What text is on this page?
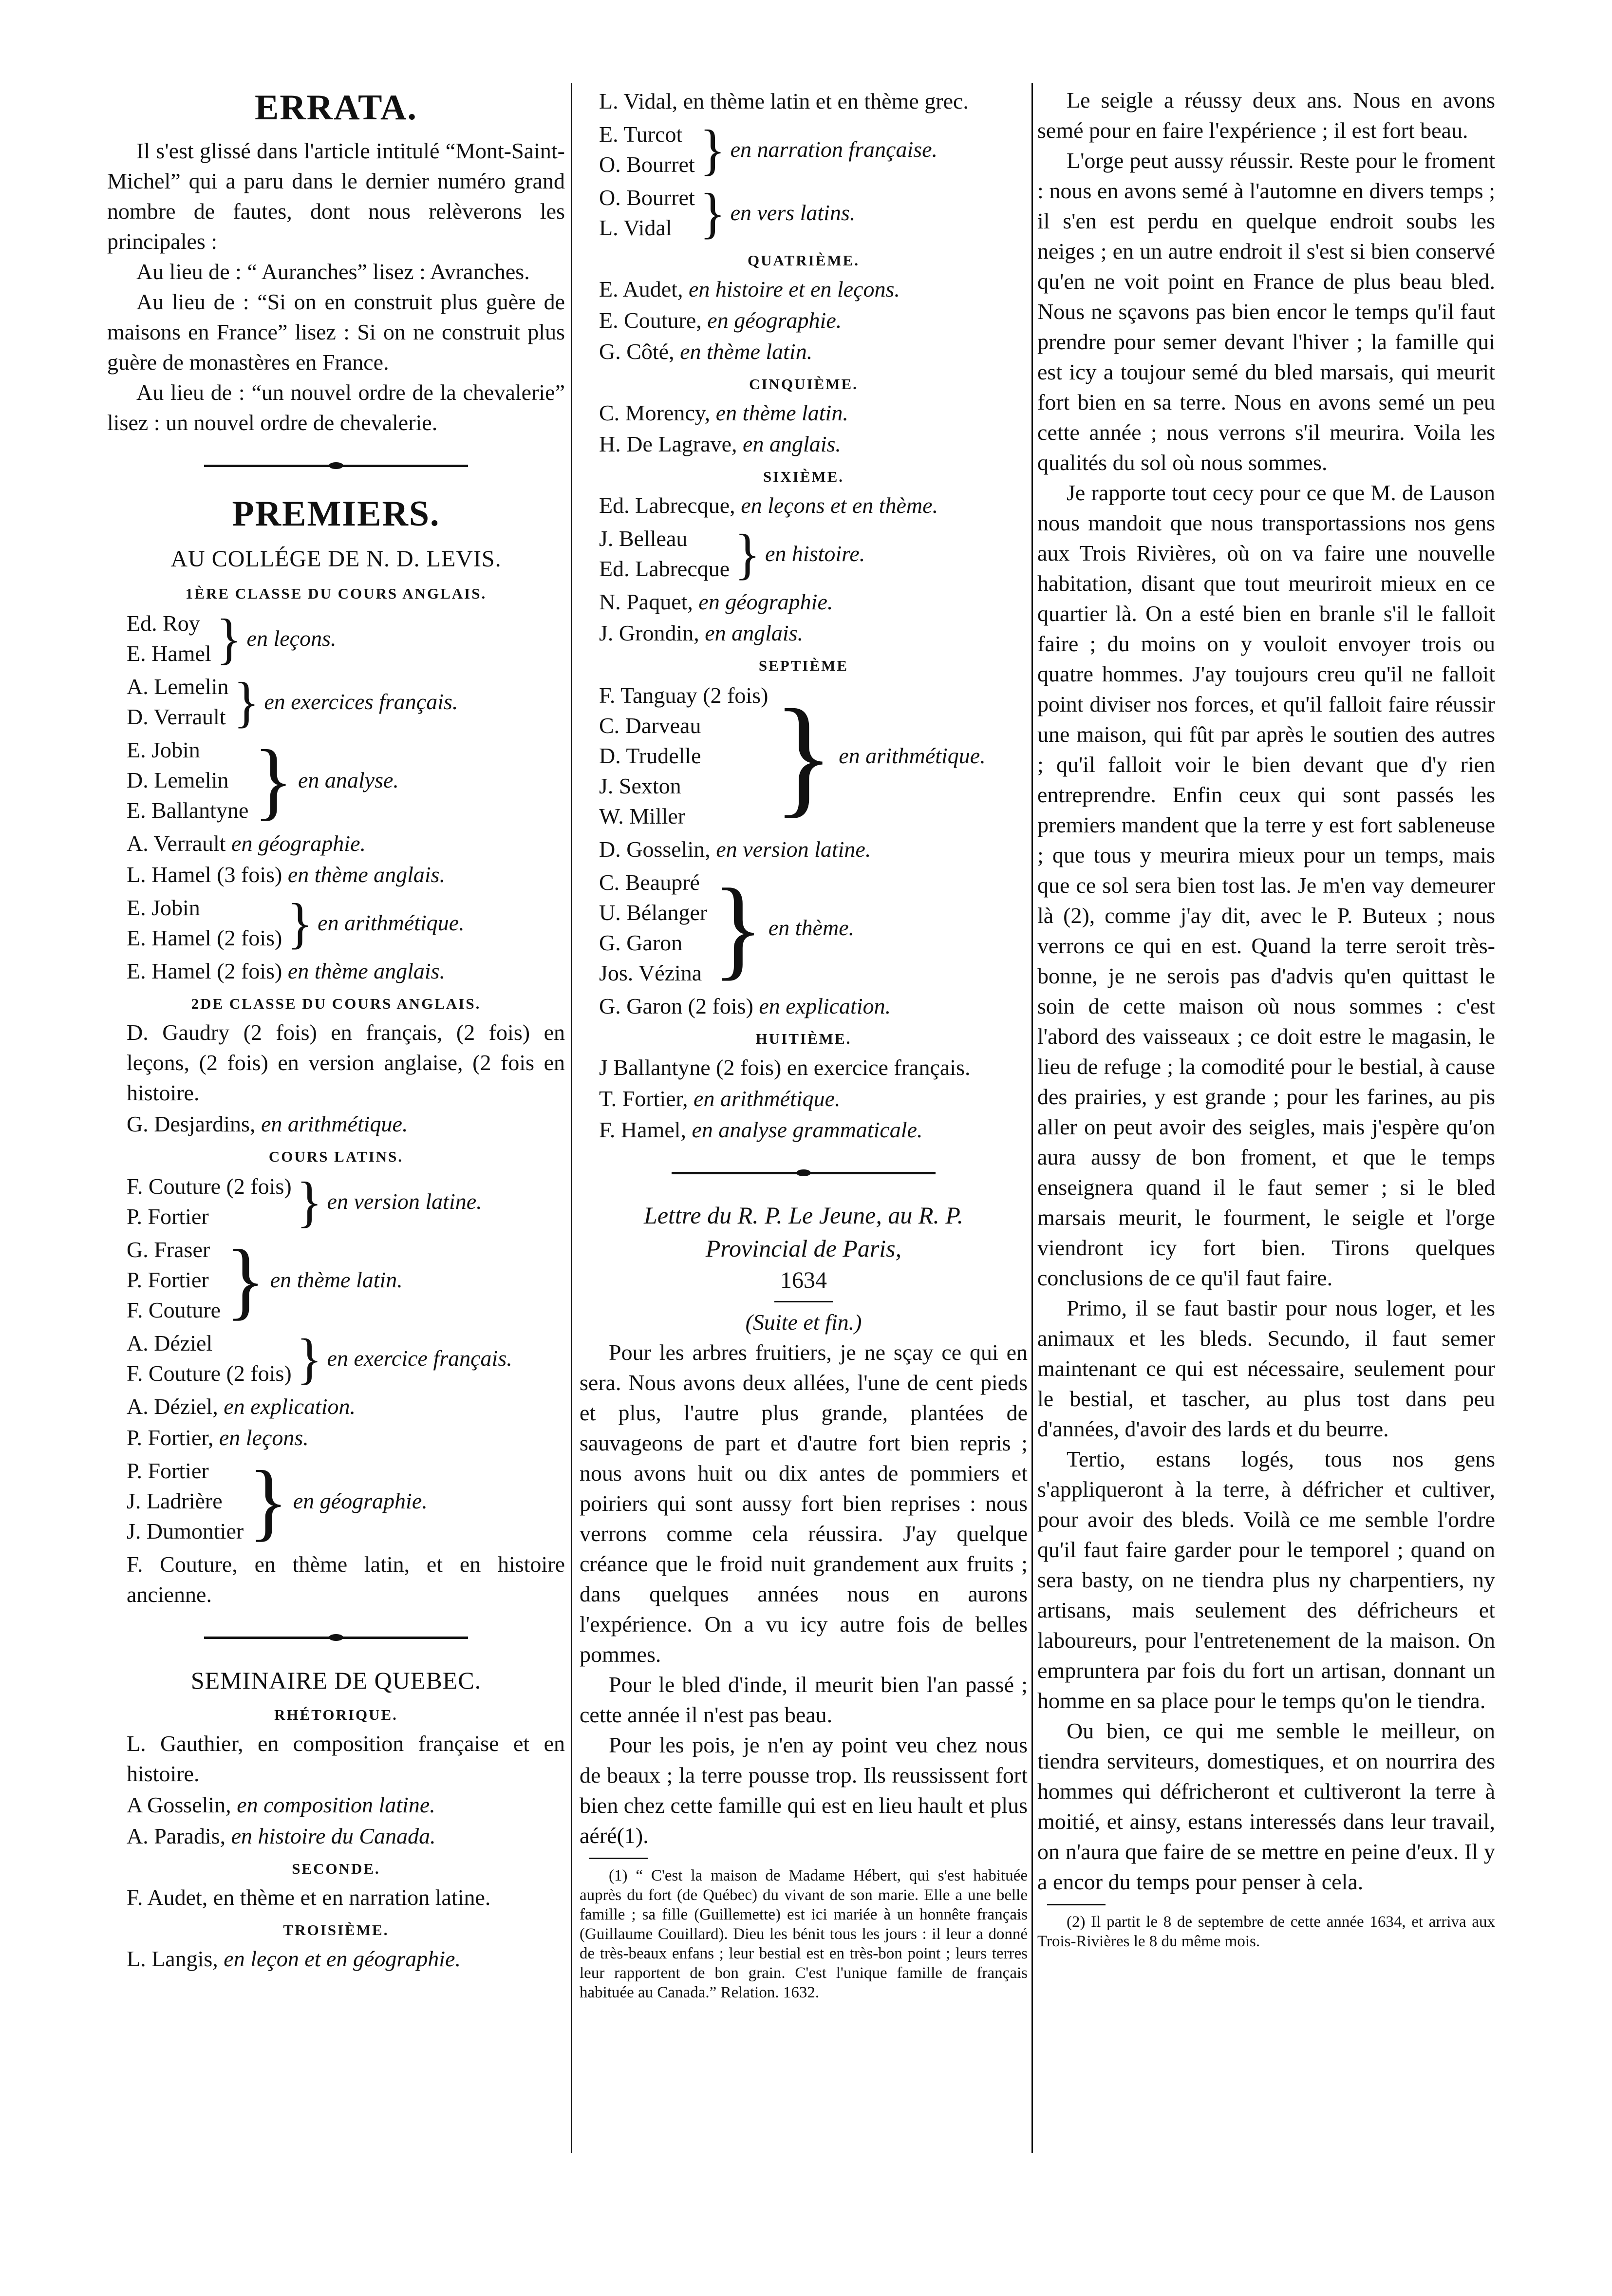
ERRATA.

Il s'est glissé dans l'article intitulé “Mont-Saint-Michel” qui a paru dans le dernier numéro grand nombre de fautes, dont nous relèverons les principales :

Au lieu de : “ Auranches” lisez : Avranches.

Au lieu de : “Si on en construit plus guère de maisons en France” lisez : Si on ne construit plus guère de monastères en France.

Au lieu de : “un nouvel ordre de la chevalerie” lisez : un nouvel ordre de chevalerie.

PREMIERS.
AU COLLÉGE DE N. D. LEVIS.
1ÈRE CLASSE DU COURS ANGLAIS.
Ed. Roy
E. Hamel } en leçons.
A. Lemelin
D. Verrault } en exercices français.
E. Jobin
D. Lemelin
E. Ballantyne } en analyse.
A. Verrault en géographie.
L. Hamel (3 fois) en thème anglais.
E. Jobin
E. Hamel (2 fois) } en arithmétique.
E. Hamel (2 fois) en thème anglais.
2DE CLASSE DU COURS ANGLAIS.

D. Gaudry (2 fois) en français, (2 fois) en leçons, (2 fois) en version anglaise, (2 fois en histoire.

G. Desjardins, en arithmétique.
COURS LATINS.
F. Couture (2 fois)
P. Fortier	} en version latine.
G. Fraser
P. Fortier
F. Couture } en thème latin.
A. Déziel
F. Couture (2 fois) } en exercice français.
A. Déziel, en explication.
P. Fortier, en leçons.
P. Fortier
J. Ladrière
J. Dumontier } en géographie.

F. Couture, en thème latin, et en histoire ancienne.

SEMINAIRE DE QUEBEC.
RHÉTORIQUE.

L. Gauthier, en composition française et en histoire.

A Gosselin, en composition latine.
A. Paradis, en histoire du Canada.
SECONDE.

F. Audet, en thème et en narration latine.

TROISIÈME.
L. Langis, en leçon et en géographie.

L. Vidal, en thème latin et en thème grec.

E. Turcot
O. Bourret } en narration française.
O. Bourret
L. Vidal } en vers latins.
QUATRIÈME.
E. Audet, en histoire et en leçons.
E. Couture, en géographie.
G. Côté, en thème latin.
CINQUIÈME.
C. Morency, en thème latin.
H. De Lagrave, en anglais.
SIXIÈME.
Ed. Labrecque, en leçons et en thème.
J. Belleau
Ed. Labrecque } en histoire.
N. Paquet, en géographie.
J. Grondin, en anglais.
SEPTIÈME
F. Tanguay (2 fois)
C. Darveau
D. Trudelle
J. Sexton
W. Miller } en arithmétique.
D. Gosselin, en version latine.
C. Beaupré
U. Bélanger
G. Garon
Jos. Vézina } en thème.
G. Garon (2 fois) en explication.
HUITIÈME.

J Ballantyne (2 fois) en exercice français.

T. Fortier, en arithmétique.
F. Hamel, en analyse grammaticale.
Lettre du R. P. Le Jeune, au R. P.
Provincial de Paris,
1634
(Suite et fin.)

Pour les arbres fruitiers, je ne sçay ce qui en sera. Nous avons deux allées, l'une de cent pieds et plus, l'autre plus grande, plantées de sauvageons de part et d'autre fort bien repris ; nous avons huit ou dix antes de pommiers et poiriers qui sont aussy fort bien reprises : nous verrons comme cela réussira. J'ay quelque créance que le froid nuit grandement aux fruits ; dans quelques années nous en aurons l'expérience. On a vu icy autre fois de belles pommes.

Pour le bled d'inde, il meurit bien l'an passé ; cette année il n'est pas beau.

Pour les pois, je n'en ay point veu chez nous de beaux ; la terre pousse trop. Ils reussissent fort bien chez cette famille qui est en lieu hault et plus aéré(1).

(1) “ C'est la maison de Madame Hébert, qui s'est habituée auprès du fort (de Québec) du vivant de son marie. Elle a une belle famille ; sa fille (Guillemette) est ici mariée à un honnête français (Guillaume Couillard). Dieu les bénit tous les jours : il leur a donné de très-beaux enfans ; leur bestial est en très-bon point ; leurs terres leur rapportent de bon grain. C'est l'unique famille de français habituée au Canada.” Relation. 1632.

Le seigle a réussy deux ans. Nous en avons semé pour en faire l'expérience ; il est fort beau.

L'orge peut aussy réussir. Reste pour le froment : nous en avons semé à l'automne en divers temps ; il s'en est perdu en quelque endroit soubs les neiges ; en un autre endroit il s'est si bien conservé qu'en ne voit point en France de plus beau bled. Nous ne sçavons pas bien encor le temps qu'il faut prendre pour semer devant l'hiver ; la famille qui est icy a toujour semé du bled marsais, qui meurit fort bien en sa terre. Nous en avons semé un peu cette année ; nous verrons s'il meurira. Voila les qualités du sol où nous sommes.

Je rapporte tout cecy pour ce que M. de Lauson nous mandoit que nous transportassions nos gens aux Trois Rivières, où on va faire une nouvelle habitation, disant que tout meuriroit mieux en ce quartier là. On a esté bien en branle s'il le falloit faire ; du moins on y vouloit envoyer trois ou quatre hommes. J'ay toujours creu qu'il ne falloit point diviser nos forces, et qu'il falloit faire réussir une maison, qui fût par après le soutien des autres ; qu'il falloit voir le bien devant que d'y rien entreprendre. Enfin ceux qui sont passés les premiers mandent que la terre y est fort sableneuse ; que tous y meurira mieux pour un temps, mais que ce sol sera bien tost las. Je m'en vay demeurer là (2), comme j'ay dit, avec le P. Buteux ; nous verrons ce qui en est. Quand la terre seroit très-bonne, je ne serois pas d'advis qu'en quittast le soin de cette maison où nous sommes : c'est l'abord des vaisseaux ; ce doit estre le magasin, le lieu de refuge ; la comodité pour le bestial, à cause des prairies, y est grande ; pour les farines, au pis aller on peut avoir des seigles, mais j'espère qu'on aura aussy de bon froment, et que le temps enseignera quand il le faut semer ; si le bled marsais meurit, le fourment, le seigle et l'orge viendront icy fort bien. Tirons quelques conclusions de ce qu'il faut faire.

Primo, il se faut bastir pour nous loger, et les animaux et les bleds. Secundo, il faut semer maintenant ce qui est nécessaire, seulement pour le bestial, et tascher, au plus tost dans peu d'années, d'avoir des lards et du beurre.

Tertio, estans logés, tous nos gens s'appliqueront à la terre, à défricher et cultiver, pour avoir des bleds. Voilà ce me semble l'ordre qu'il faut faire garder pour le temporel ; quand on sera basty, on ne tiendra plus ny charpentiers, ny artisans, mais seulement des défricheurs et laboureurs, pour l'entretenement de la maison. On empruntera par fois du fort un artisan, donnant un homme en sa place pour le temps qu'on le tiendra.

Ou bien, ce qui me semble le meilleur, on tiendra serviteurs, domestiques, et on nourrira des hommes qui défricheront et cultiveront la terre à moitié, et ainsy, estans interessés dans leur travail, on n'aura que faire de se mettre en peine d'eux. Il y a encor du temps pour penser à cela.

(2) Il partit le 8 de septembre de cette année 1634, et arriva aux Trois-Rivières le 8 du même mois.
